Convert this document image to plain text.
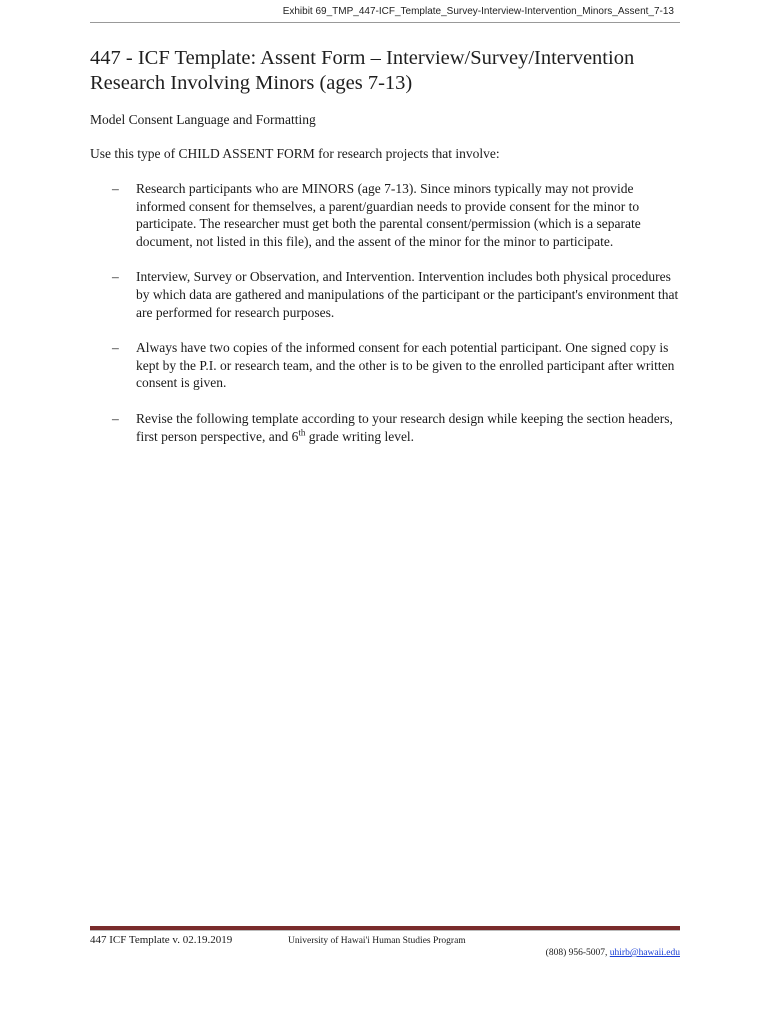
Exhibit 69_TMP_447-ICF_Template_Survey-Interview-Intervention_Minors_Assent_7-13
447 - ICF Template: Assent Form – Interview/Survey/Intervention Research Involving Minors (ages 7-13)
Model Consent Language and Formatting
Use this type of CHILD ASSENT FORM for research projects that involve:
– Research participants who are MINORS (age 7-13). Since minors typically may not provide informed consent for themselves, a parent/guardian needs to provide consent for the minor to participate. The researcher must get both the parental consent/permission (which is a separate document, not listed in this file), and the assent of the minor for the minor to participate.
– Interview, Survey or Observation, and Intervention. Intervention includes both physical procedures by which data are gathered and manipulations of the participant or the participant's environment that are performed for research purposes.
– Always have two copies of the informed consent for each potential participant. One signed copy is kept by the P.I. or research team, and the other is to be given to the enrolled participant after written consent is given.
– Revise the following template according to your research design while keeping the section headers, first person perspective, and 6th grade writing level.
447 ICF Template v. 02.19.2019	University of Hawai'i Human Studies Program
(808) 956-5007, uhirb@hawaii.edu
